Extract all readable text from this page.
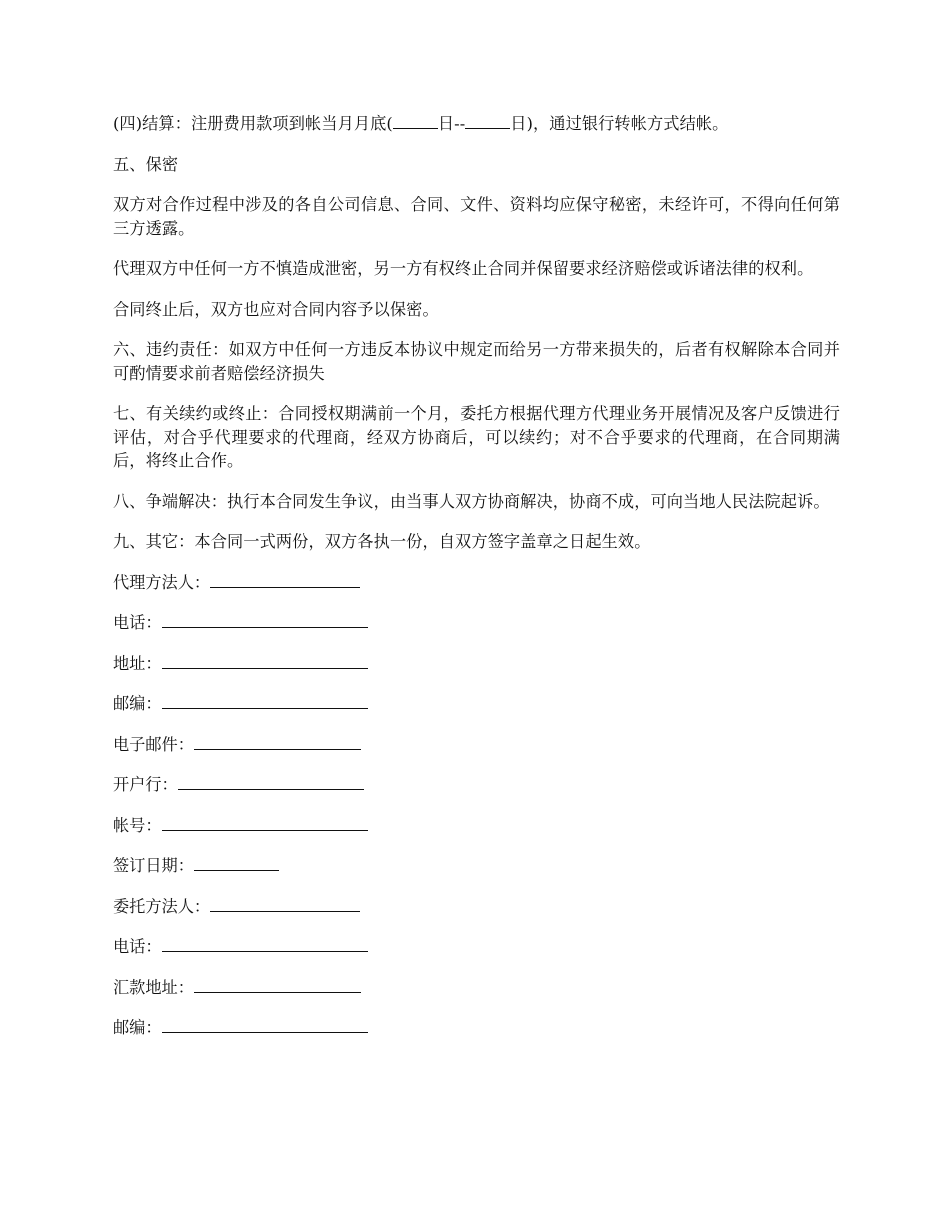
(四)结算：注册费用款项到帐当月月底(	日--	日)，通过银行转帐方式结帐。

五、保密

双方对合作过程中涉及的各自公司信息、合同、文件、资料均应保守秘密，未经许可，不得向任何第三方透露。

代理双方中任何一方不慎造成泄密，另一方有权终止合同并保留要求经济赔偿或诉诸法律的权利。

合同终止后，双方也应对合同内容予以保密。

六、违约责任：如双方中任何一方违反本协议中规定而给另一方带来损失的，后者有权解除本合同并可酌情要求前者赔偿经济损失

七、有关续约或终止：合同授权期满前一个月，委托方根据代理方代理业务开展情况及客户反馈进行评估，对合乎代理要求的代理商，经双方协商后，可以续约；对不合乎要求的代理商，在合同期满后，将终止合作。

八、争端解决：执行本合同发生争议，由当事人双方协商解决，协商不成，可向当地人民法院起诉。

九、其它：本合同一式两份，双方各执一份，自双方签字盖章之日起生效。

代理方法人：
电话：
地址：
邮编：
电子邮件：
开户行：
帐号：
签订日期：
委托方法人：
电话：
汇款地址：
邮编：
